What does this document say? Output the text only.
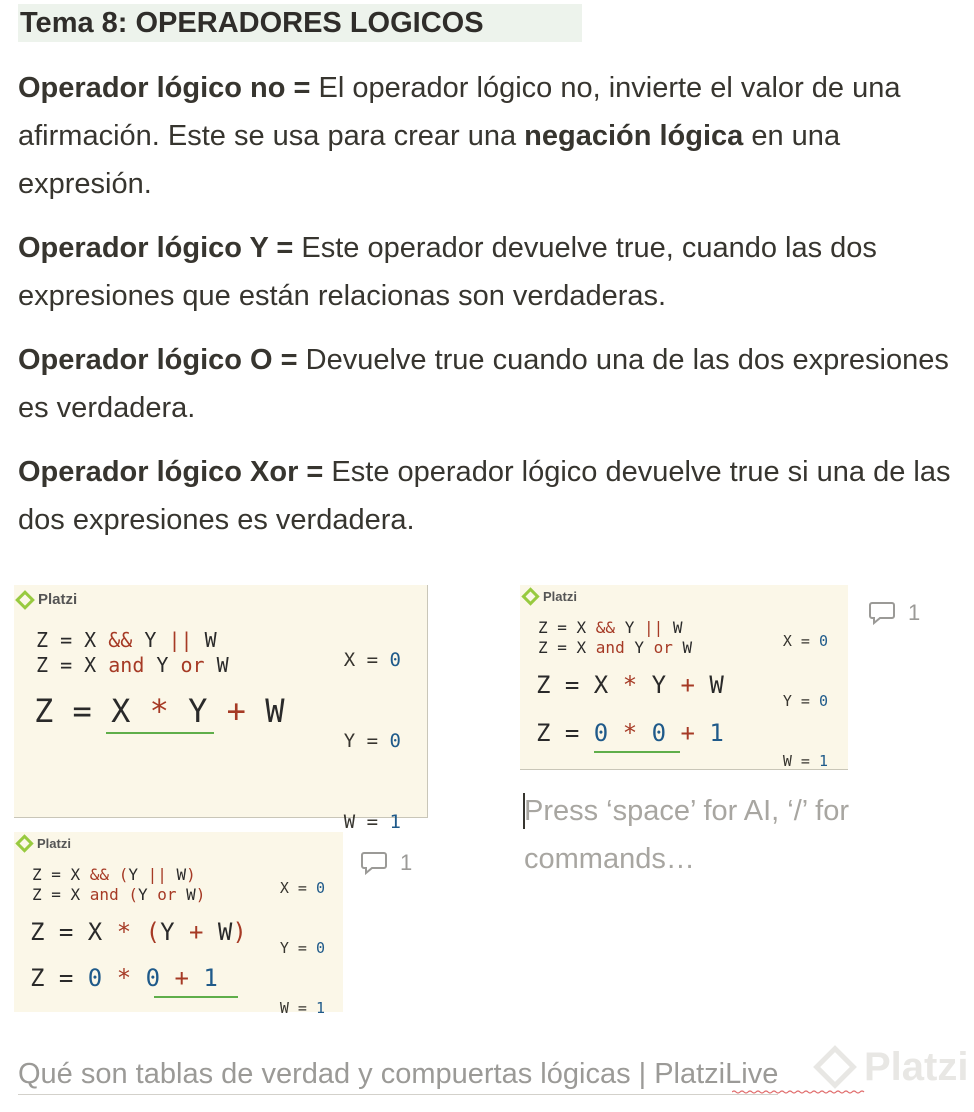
Tema 8: OPERADORES LOGICOS
Operador lógico no = El operador lógico no, invierte el valor de una afirmación. Este se usa para crear una negación lógica en una expresión.
Operador lógico Y = Este operador devuelve true, cuando las dos expresiones que están relacionas son verdaderas.
Operador lógico O = Devuelve true cuando una de las dos expresiones es verdadera.
Operador lógico Xor = Este operador lógico devuelve true si una de las dos expresiones es verdadera.
Platzi

X = 0

Y = 0

W = 1

Z = X && Y || W
Z = X and Y or W
Z = X * Y + W
Platzi

X = 0

Y = 0

W = 1

Z = X && Y || W
Z = X and Y or W
Z = X * Y + W
Z = 0 * 0 + 1
1
Platzi

X = 0

Y = 0

W = 1

Z = X && (Y || W)
Z = X and (Y or W)
Z = X * (Y + W)
Z = 0 * 0 + 1
1
Press ‘space’ for AI, ‘/’ for commands…
Qué son tablas de verdad y compuertas lógicas | PlatziLive Platzi
